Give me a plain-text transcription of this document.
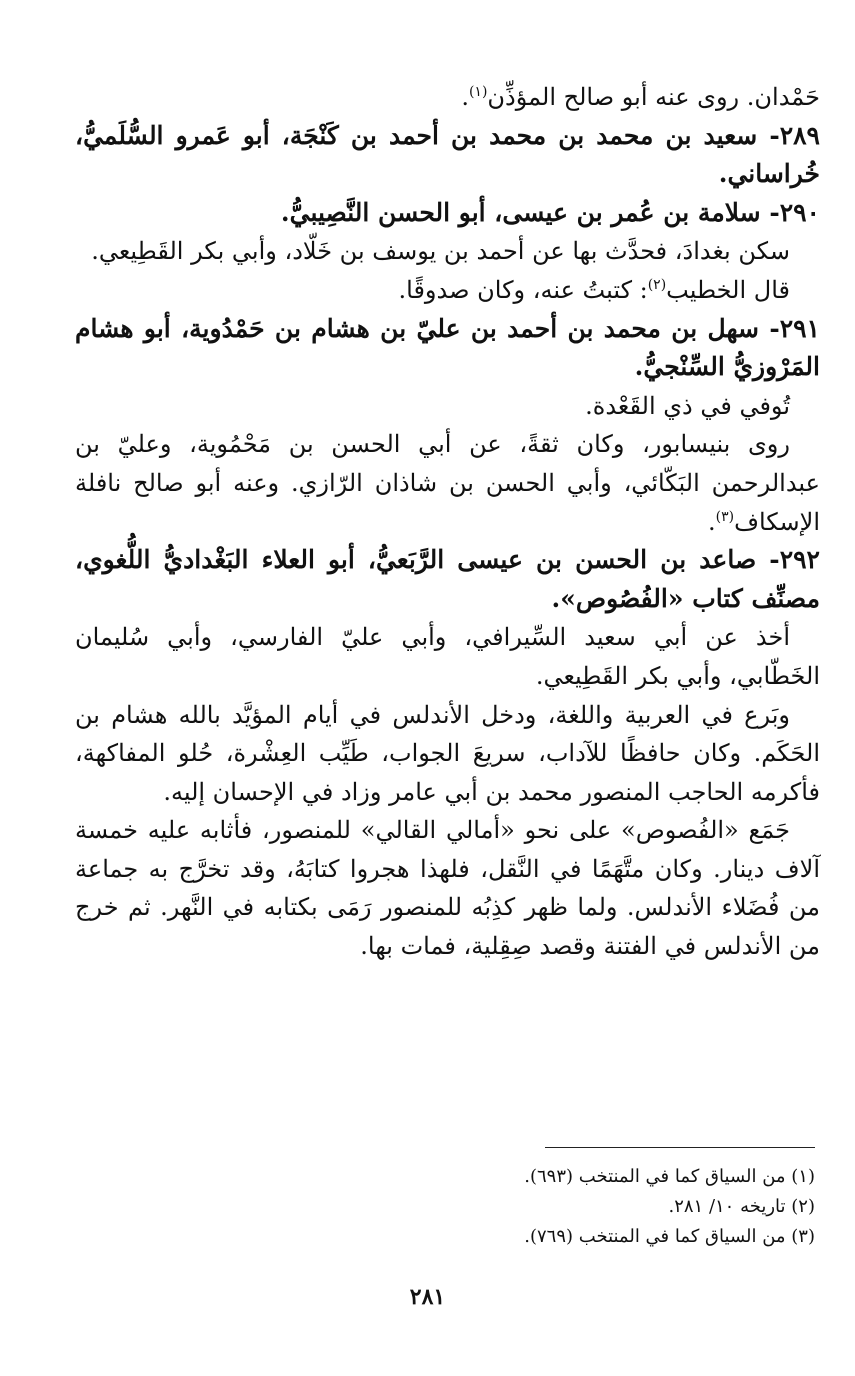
حَمْدان. روى عنه أبو صالح المؤذِّن$^{(١)}$.

٢٨٩- سعيد بن محمد بن محمد بن أحمد بن كَنْجَة، أبو عَمرو السُّلَميُّ، خُراساني.

٢٩٠- سلامة بن عُمر بن عيسى، أبو الحسن النَّصِيبيُّ.

سكن بغدادَ، فحدَّث بها عن أحمد بن يوسف بن خَلّاد، وأبي بكر القَطِيعي.

قال الخطيب$^{(٢)}$: كتبتُ عنه، وكان صدوقًا.

٢٩١- سهل بن محمد بن أحمد بن عليّ بن هشام بن حَمْدُوية، أبو هشام المَرْوزيُّ السِّنْجيُّ.

تُوفي في ذي القَعْدة.

روى بنيسابور، وكان ثقةً، عن أبي الحسن بن مَحْمُوية، وعليّ بن عبدالرحمن البَكّائي، وأبي الحسن بن شاذان الرّازي. وعنه أبو صالح نافلة الإسكاف$^{(٣)}$.

٢٩٢- صاعد بن الحسن بن عيسى الرَّبَعيُّ، أبو العلاء البَغْداديُّ اللُّغوي، مصنِّف كتاب «الفُصُوص».

أخذ عن أبي سعيد السِّيرافي، وأبي عليّ الفارسي، وأبي سُليمان الخَطّابي، وأبي بكر القَطِيعي.

وبَرع في العربية واللغة، ودخل الأندلس في أيام المؤيَّد بالله هشام بن الحَكَم. وكان حافظًا للآداب، سريعَ الجواب، طَيِّب العِشْرة، حُلو المفاكهة، فأكرمه الحاجب المنصور محمد بن أبي عامر وزاد في الإحسان إليه.

جَمَع «الفُصوص» على نحو «أمالي القالي» للمنصور، فأثابه عليه خمسة آلاف دينار. وكان متَّهَمًا في النَّقل، فلهذا هجروا كتابَهُ، وقد تخرَّج به جماعة من فُضَلاء الأندلس. ولما ظهر كذِبُه للمنصور رَمَى بكتابه في النَّهر. ثم خرج من الأندلس في الفتنة وقصد صِقِلية، فمات بها.

(١) من السياق كما في المنتخب (٦٩٣).

(٢) تاريخه ١٠/ ٢٨١.

(٣) من السياق كما في المنتخب (٧٦٩).

٢٨١
